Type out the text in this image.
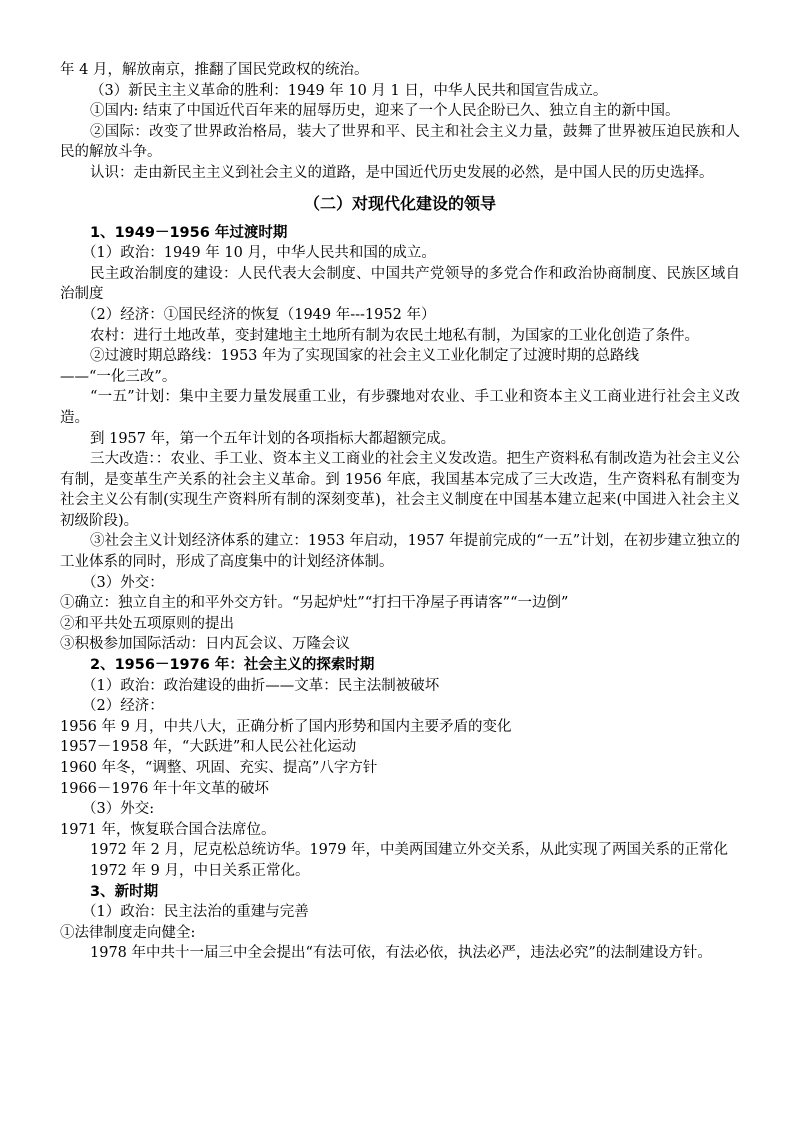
年 4 月，解放南京，推翻了国民党政权的统治。

（3）新民主主义革命的胜利：1949 年 10 月 1 日，中华人民共和国宣告成立。

①国内: 结束了中国近代百年来的屈辱历史，迎来了一个人民企盼已久、独立自主的新中国。

②国际：改变了世界政治格局，装大了世界和平、民主和社会主义力量，鼓舞了世界被压迫民族和人民的解放斗争。

认识：走由新民主主义到社会主义的道路，是中国近代历史发展的必然，是中国人民的历史选择。

（二）对现代化建设的领导

1、1949－1956 年过渡时期

（1）政治：1949 年 10 月，中华人民共和国的成立。

民主政治制度的建设：人民代表大会制度、中国共产党领导的多党合作和政治协商制度、民族区域自治制度

（2）经济：①国民经济的恢复（1949 年---1952 年）

农村：进行土地改革，变封建地主土地所有制为农民土地私有制，为国家的工业化创造了条件。

②过渡时期总路线：1953 年为了实现国家的社会主义工业化制定了过渡时期的总路线

——“一化三改”。

“一五”计划：集中主要力量发展重工业，有步骤地对农业、手工业和资本主义工商业进行社会主义改造。

到 1957 年，第一个五年计划的各项指标大都超额完成。

三大改造：：农业、手工业、资本主义工商业的社会主义发改造。把生产资料私有制改造为社会主义公有制，是变革生产关系的社会主义革命。到 1956 年底，我国基本完成了三大改造，生产资料私有制变为社会主义公有制(实现生产资料所有制的深刻变革)，社会主义制度在中国基本建立起来(中国进入社会主义初级阶段)。

③社会主义计划经济体系的建立：1953 年启动，1957 年提前完成的“一五”计划，在初步建立独立的工业体系的同时，形成了高度集中的计划经济体制。

（3）外交：

①确立：独立自主的和平外交方针。“另起炉灶”“打扫干净屋子再请客”“一边倒”

②和平共处五项原则的提出

③积极参加国际活动：日内瓦会议、万隆会议

2、1956－1976 年：社会主义的探索时期

（1）政治：政治建设的曲折——文革：民主法制被破坏

（2）经济：

1956 年 9 月，中共八大，正确分析了国内形势和国内主要矛盾的变化

1957－1958 年，“大跃进”和人民公社化运动

1960 年冬，“调整、巩固、充实、提高”八字方针

1966－1976 年十年文革的破坏

（3）外交:

1971 年，恢复联合国合法席位。

1972 年 2 月，尼克松总统访华。1979 年，中美两国建立外交关系，从此实现了两国关系的正常化

1972 年 9 月，中日关系正常化。

3、新时期

（1）政治：民主法治的重建与完善

①法律制度走向健全:

1978 年中共十一届三中全会提出“有法可依，有法必依，执法必严，违法必究”的法制建设方针。
